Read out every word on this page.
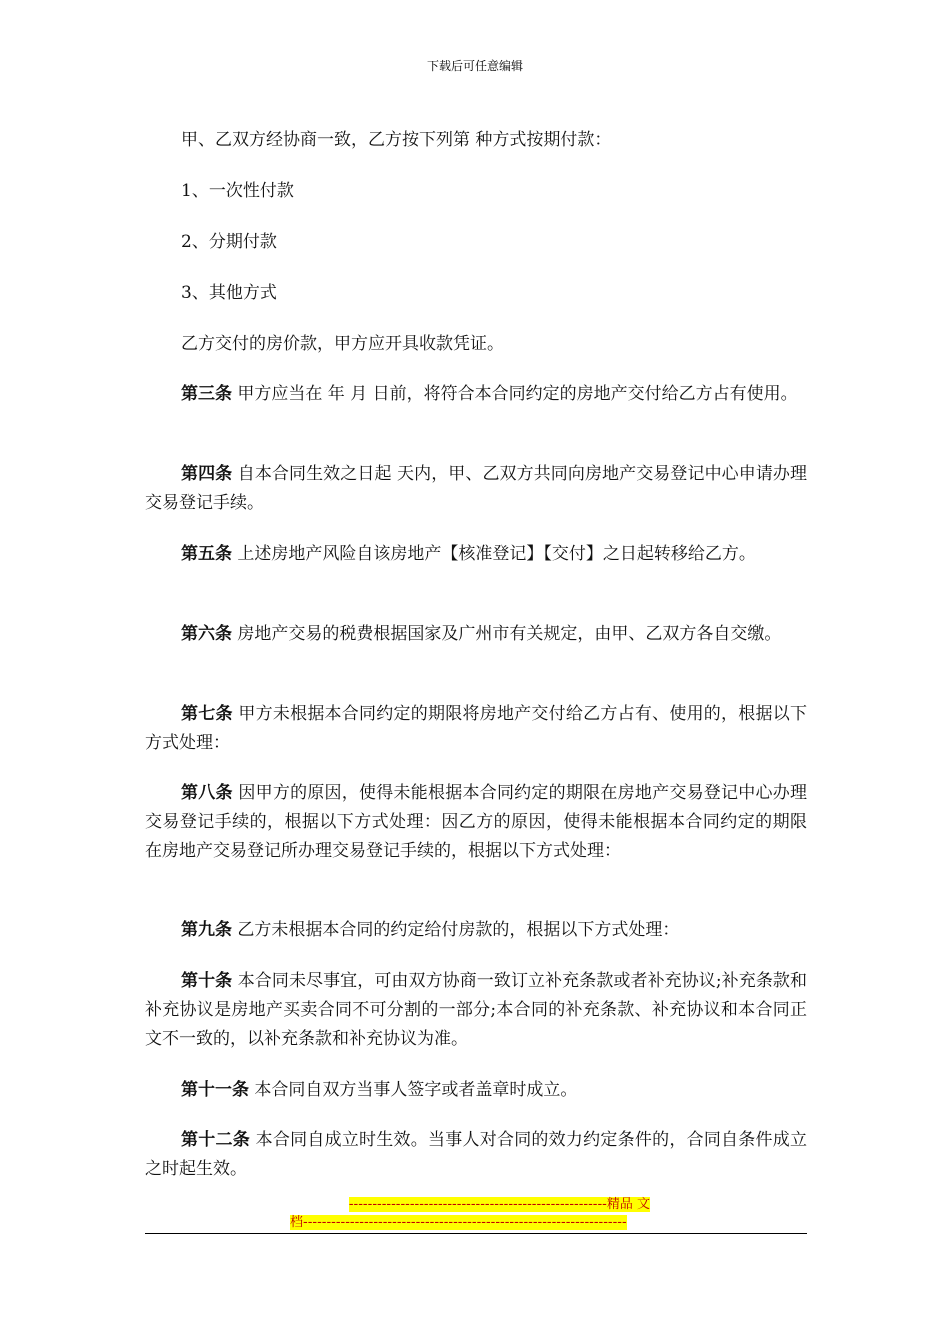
下载后可任意编辑

甲、乙双方经协商一致，乙方按下列第 种方式按期付款：

1、一次性付款

2、分期付款

3、其他方式

乙方交付的房价款，甲方应开具收款凭证。

第三条 甲方应当在 年 月 日前，将符合本合同约定的房地产交付给乙方占有使用。

第四条 自本合同生效之日起 天内，甲、乙双方共同向房地产交易登记中心申请办理交易登记手续。

第五条 上述房地产风险自该房地产【核准登记】【交付】之日起转移给乙方。

第六条 房地产交易的税费根据国家及广州市有关规定，由甲、乙双方各自交缴。

第七条 甲方未根据本合同约定的期限将房地产交付给乙方占有、使用的，根据以下方式处理：

第八条 因甲方的原因，使得未能根据本合同约定的期限在房地产交易登记中心办理交易登记手续的，根据以下方式处理：因乙方的原因，使得未能根据本合同约定的期限在房地产交易登记所办理交易登记手续的，根据以下方式处理：

第九条 乙方未根据本合同的约定给付房款的，根据以下方式处理：

第十条 本合同未尽事宜，可由双方协商一致订立补充条款或者补充协议;补充条款和补充协议是房地产买卖合同不可分割的一部分;本合同的补充条款、补充协议和本合同正文不一致的，以补充条款和补充协议为准。

第十一条 本合同自双方当事人签字或者盖章时成立。

第十二条 本合同自成立时生效。当事人对合同的效力约定条件的，合同自条件成立之时起生效。

-------------------------------------------------------精品 文
档---------------------------------------------------------------------
